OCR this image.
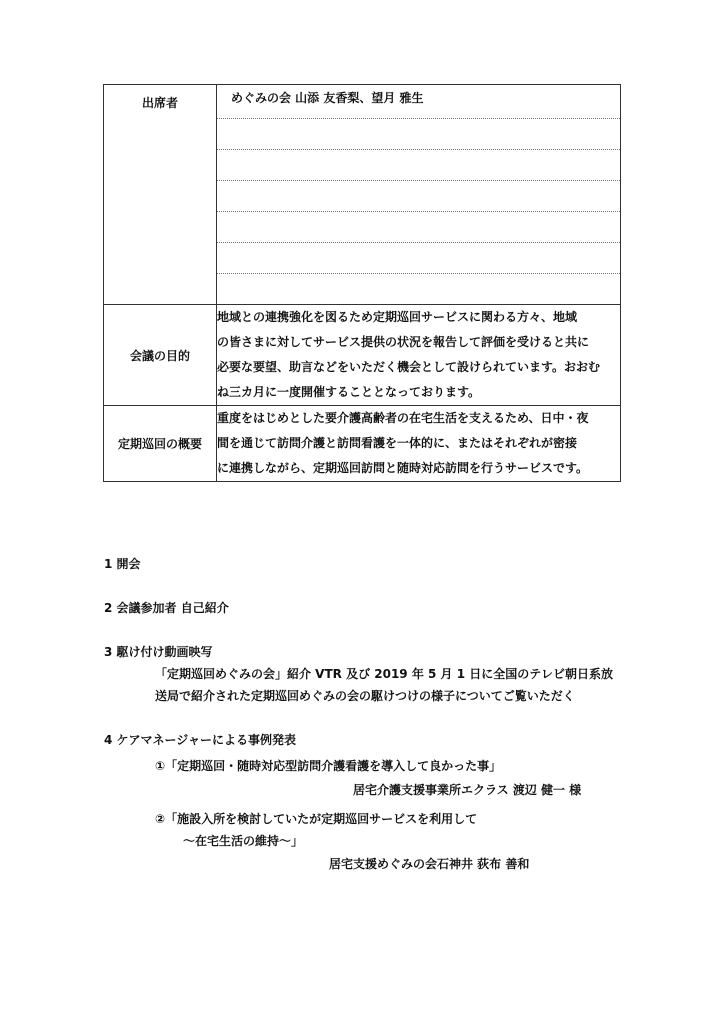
出席者	めぐみの会 山添 友香梨、望月 雅生

会議の目的	地域との連携強化を図るため定期巡回サービスに関わる方々、地域
の皆さまに対してサービス提供の状況を報告して評価を受けると共に
必要な要望、助言などをいただく機会として設けられています。おおむ
ね三カ月に一度開催することとなっております。

定期巡回の概要	重度をはじめとした要介護高齢者の在宅生活を支えるため、日中・夜
間を通じて訪問介護と訪問看護を一体的に、またはそれぞれが密接
に連携しながら、定期巡回訪問と随時対応訪問を行うサービスです。
1 開会
2 会議参加者 自己紹介
3 駆け付け動画映写
「定期巡回めぐみの会」紹介 VTR 及び 2019 年 5 月 1 日に全国のテレビ朝日系放
送局で紹介された定期巡回めぐみの会の駆けつけの様子についてご覧いただく
4 ケアマネージャーによる事例発表
①「定期巡回・随時対応型訪問介護看護を導入して良かった事」
居宅介護支援事業所エクラス 渡辺 健一 様
②「施設入所を検討していたが定期巡回サービスを利用して
～在宅生活の維持～」
居宅支援めぐみの会石神井 荻布 善和
